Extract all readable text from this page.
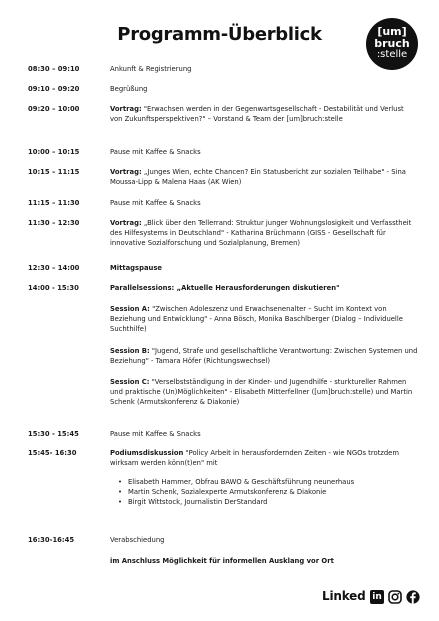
Programm-Überblick	[um]
bruch
:stelle
08:30 – 09:10	Ankunft & Registrierung
09:10 – 09:20	Begrüßung
09:20 – 10:00	Vortrag: "Erwachsen werden in der Gegenwartsgesellschaft - Destabilität und Verlust von Zukunftsperspektiven?" – Vorstand & Team der [um]bruch:stelle
10:00 – 10:15	Pause mit Kaffee & Snacks
10:15 – 11:15	Vortrag: „Junges Wien, echte Chancen? Ein Statusbericht zur sozialen Teilhabe" - Sina Moussa-Lipp & Malena Haas (AK Wien)
11:15 – 11:30	Pause mit Kaffee & Snacks
11:30 – 12:30	Vortrag: „Blick über den Tellerrand: Struktur junger Wohnungslosigkeit und Verfasstheit des Hilfesystems in Deutschland" - Katharina Brüchmann (GISS - Gesellschaft für innovative Sozialforschung und Sozialplanung, Bremen)
12:30 – 14:00	Mittagspause
14:00 - 15:30	Parallelsessions: „Aktuelle Herausforderungen diskutieren"
Session A: "Zwischen Adoleszenz und Erwachsenenalter – Sucht im Kontext von Beziehung und Entwicklung" - Anna Bösch, Monika Baschlberger (Dialog – Individuelle Suchthilfe)
Session B: "Jugend, Strafe und gesellschaftliche Verantwortung: Zwischen Systemen und Beziehung" - Tamara Höfer (Richtungswechsel)
Session C: "Verselbstständigung in der Kinder- und Jugendhilfe - sturktureller Rahmen und praktische (Un)Möglichkeiten" - Elisabeth Mitterfellner ([um]bruch:stelle) und Martin Schenk (Armutskonferenz & Diakonie)
15:30 - 15:45	Pause mit Kaffee & Snacks
15:45- 16:30	Podiumsdiskussion "Policy Arbeit in herausfordernden Zeiten - wie NGOs trotzdem wirksam werden könn(t)en" mit
• Elisabeth Hammer, Obfrau BAWO & Geschäftsführung neunerhaus
• Martin Schenk, Sozialexperte Armutskonferenz & Diakonie
• Birgit Wittstock, Journalistin DerStandard
16:30-16:45	Verabschiedung
im Anschluss Möglichkeit für informellen Ausklang vor Ort
Linked in
